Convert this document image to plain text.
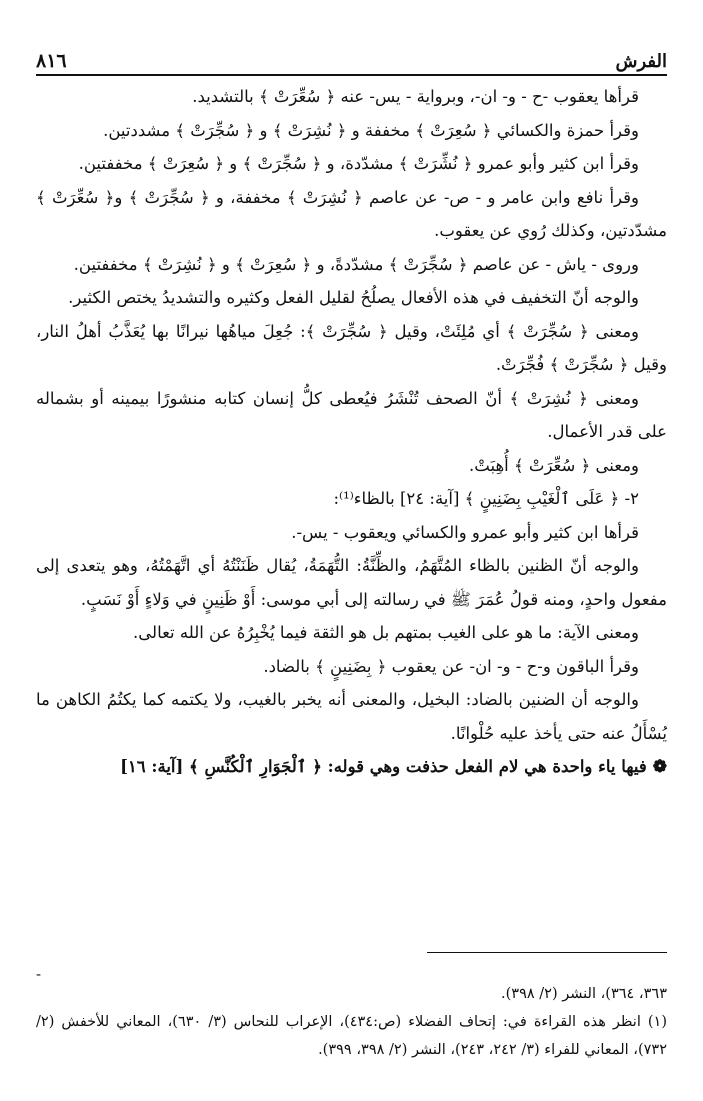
الفرش
٨١٦

قرأها يعقوب -ح - و- ان-، وبرواية - يس- عنه ﴿ سُعِّرَتْ ﴾ بالتشديد.

وقرأ حمزة والكسائي ﴿ سُعِرَتْ ﴾ مخففة و ﴿ نُشِرَتْ ﴾ و ﴿ سُجِّرَتْ ﴾ مشددتين.

وقرأ ابن كثير وأبو عمرو ﴿ نُشِّرَتْ ﴾ مشدّدة، و ﴿ سُجِّرَتْ ﴾ و ﴿ سُعِرَتْ ﴾ مخففتين.

وقرأ نافع وابن عامر و - ص- عن عاصم ﴿ نُشِرَتْ ﴾ مخففة، و ﴿ سُجِّرَتْ ﴾ و﴿ سُعِّرَتْ ﴾ مشدّدتين، وكذلك رُوي عن يعقوب.

وروى - ياش - عن عاصم ﴿ سُجِّرَتْ ﴾ مشدّدةً، و ﴿ سُعِرَتْ ﴾ و ﴿ نُشِرَتْ ﴾ مخففتين.

والوجه أنّ التخفيف في هذه الأفعال يصلُحُ لقليل الفعل وكثيره والتشديدُ يختص الكثير.

ومعنى ﴿ سُجِّرَتْ ﴾ أي مُلِئَتْ، وقيل ﴿ سُجِّرَتْ ﴾: جُعِلَ مياهُها نيرانًا بها يُعَذَّبُ أهلُ النار، وقيل ﴿ سُجِّرَتْ ﴾ فُجِّرَتْ.

ومعنى ﴿ نُشِرَتْ ﴾ أنّ الصحف تُنْشَرُ فيُعطى كلُّ إنسان كتابه منشورًا بيمينه أو بشماله على قدر الأعمال.

ومعنى ﴿ سُعِّرَتْ ﴾ أُهِبَتْ.

٢- ﴿ عَلَى ٱلْغَيْبِ بِضَنِينٍ ﴾ [آية: ٢٤] بالظاء⁽¹⁾:

قرأها ابن كثير وأبو عمرو والكسائي ويعقوب - يس-.

والوجه أنّ الظنين بالظاء المُتَّهَمُ، والظِّنَّةُ: التُّهَمَةُ، يُقال ظَنَنْتُهُ أي اتَّهَمْتُهُ، وهو يتعدى إلى مفعول واحدٍ، ومنه قولُ عُمَرَ ﷺ في رسالته إلى أبي موسى: أَوْ ظَنِينٍ في وَلاءٍ أَوْ نَسَبٍ.

ومعنى الآية: ما هو على الغيب بمتهم بل هو الثقة فيما يُخْبِرُهُ عن الله تعالى.

وقرأ الباقون و-ح - و- ان- عن يعقوب ﴿ بِضَنِينٍ ﴾ بالضاد.

والوجه أن الضنين بالضاد: البخيل، والمعنى أنه يخبر بالغيب، ولا يكتمه كما يكتُمُ الكاهن ما يُسْأَلُ عنه حتى يأخذ عليه حُلْوانًا.

❁فيها ياء واحدة هي لام الفعل حذفت وهي قوله: ﴿ ٱلْجَوَارِ ٱلْكُنَّسِ ﴾ [آية: ١٦]

-

٣٦٣، ٣٦٤)، النشر (٢/ ٣٩٨).

(١) انظر هذه القراءة في: إتحاف الفضلاء (ص:٤٣٤)، الإعراب للنحاس (٣/ ٦٣٠)، المعاني للأخفش (٢/ ٧٣٢)، المعاني للفراء (٣/ ٢٤٢، ٢٤٣)، النشر (٢/ ٣٩٨، ٣٩٩).
